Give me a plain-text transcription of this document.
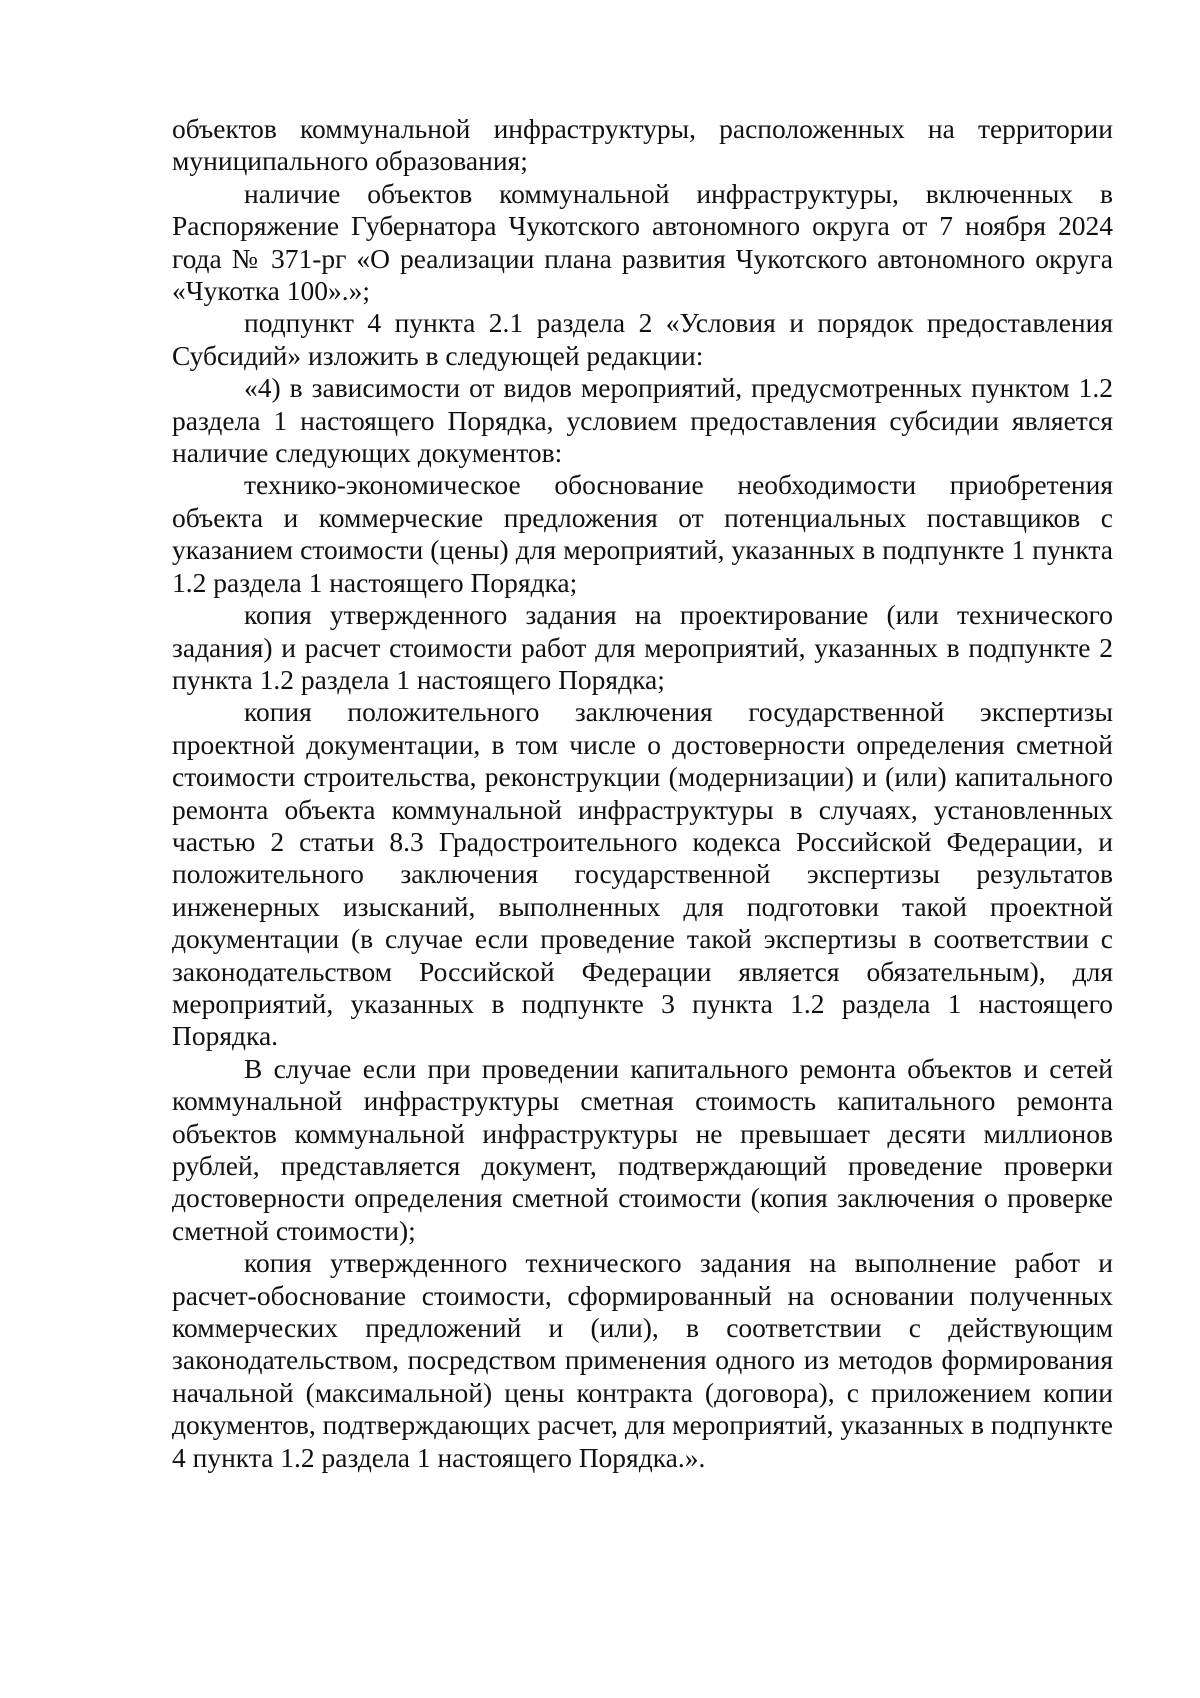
объектов коммунальной инфраструктуры, расположенных на территории муниципального образования;

наличие объектов коммунальной инфраструктуры, включенных в Распоряжение Губернатора Чукотского автономного округа от 7 ноября 2024 года № 371-рг «О реализации плана развития Чукотского автономного округа «Чукотка 100».»;

подпункт 4 пункта 2.1 раздела 2 «Условия и порядок предоставления Субсидий» изложить в следующей редакции:

«4) в зависимости от видов мероприятий, предусмотренных пунктом 1.2 раздела 1 настоящего Порядка, условием предоставления субсидии является наличие следующих документов:

технико-экономическое обоснование необходимости приобретения объекта и коммерческие предложения от потенциальных поставщиков с указанием стоимости (цены) для мероприятий, указанных в подпункте 1 пункта 1.2 раздела 1 настоящего Порядка;

копия утвержденного задания на проектирование (или технического задания) и расчет стоимости работ для мероприятий, указанных в подпункте 2 пункта 1.2 раздела 1 настоящего Порядка;

копия положительного заключения государственной экспертизы проектной документации, в том числе о достоверности определения сметной стоимости строительства, реконструкции (модернизации) и (или) капитального ремонта объекта коммунальной инфраструктуры в случаях, установленных частью 2 статьи 8.3 Градостроительного кодекса Российской Федерации, и положительного заключения государственной экспертизы результатов инженерных изысканий, выполненных для подготовки такой проектной документации (в случае если проведение такой экспертизы в соответствии с законодательством Российской Федерации является обязательным), для мероприятий, указанных в подпункте 3 пункта 1.2 раздела 1 настоящего Порядка.

В случае если при проведении капитального ремонта объектов и сетей коммунальной инфраструктуры сметная стоимость капитального ремонта объектов коммунальной инфраструктуры не превышает десяти миллионов рублей, представляется документ, подтверждающий проведение проверки достоверности определения сметной стоимости (копия заключения о проверке сметной стоимости);

копия утвержденного технического задания на выполнение работ и расчет-обоснование стоимости, сформированный на основании полученных коммерческих предложений и (или), в соответствии с действующим законодательством, посредством применения одного из методов формирования начальной (максимальной) цены контракта (договора), с приложением копии документов, подтверждающих расчет, для мероприятий, указанных в подпункте 4 пункта 1.2 раздела 1 настоящего Порядка.».
